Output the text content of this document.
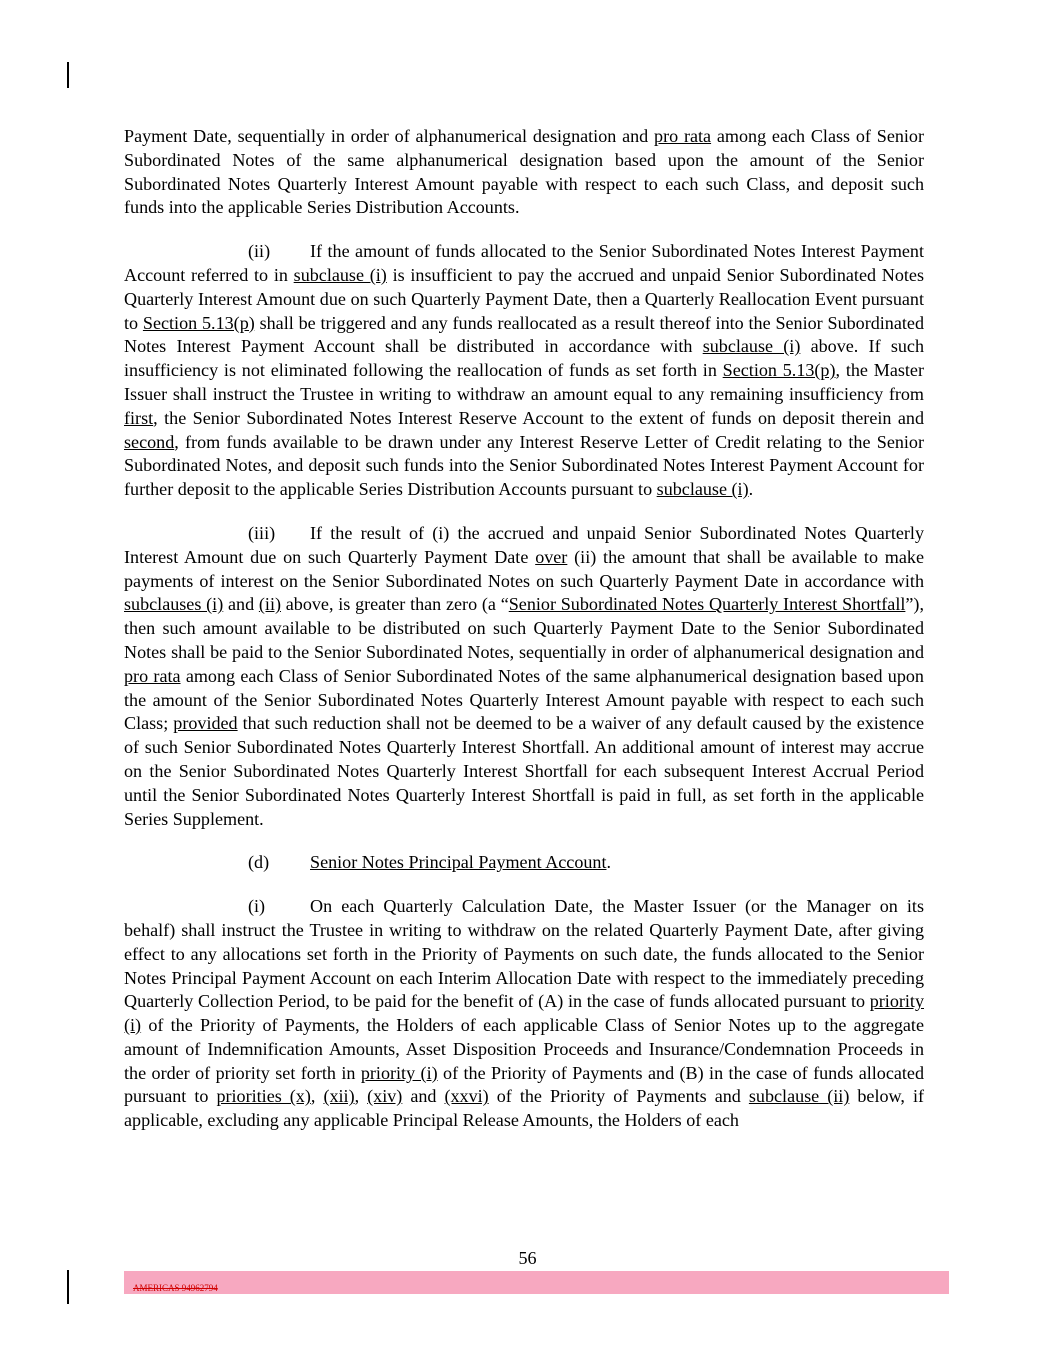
Payment Date, sequentially in order of alphanumerical designation and pro rata among each Class of Senior Subordinated Notes of the same alphanumerical designation based upon the amount of the Senior Subordinated Notes Quarterly Interest Amount payable with respect to each such Class, and deposit such funds into the applicable Series Distribution Accounts.

(ii) If the amount of funds allocated to the Senior Subordinated Notes Interest Payment Account referred to in subclause (i) is insufficient to pay the accrued and unpaid Senior Subordinated Notes Quarterly Interest Amount due on such Quarterly Payment Date, then a Quarterly Reallocation Event pursuant to Section 5.13(p) shall be triggered and any funds reallocated as a result thereof into the Senior Subordinated Notes Interest Payment Account shall be distributed in accordance with subclause (i) above. If such insufficiency is not eliminated following the reallocation of funds as set forth in Section 5.13(p), the Master Issuer shall instruct the Trustee in writing to withdraw an amount equal to any remaining insufficiency from first, the Senior Subordinated Notes Interest Reserve Account to the extent of funds on deposit therein and second, from funds available to be drawn under any Interest Reserve Letter of Credit relating to the Senior Subordinated Notes, and deposit such funds into the Senior Subordinated Notes Interest Payment Account for further deposit to the applicable Series Distribution Accounts pursuant to subclause (i).

(iii) If the result of (i) the accrued and unpaid Senior Subordinated Notes Quarterly Interest Amount due on such Quarterly Payment Date over (ii) the amount that shall be available to make payments of interest on the Senior Subordinated Notes on such Quarterly Payment Date in accordance with subclauses (i) and (ii) above, is greater than zero (a “Senior Subordinated Notes Quarterly Interest Shortfall”), then such amount available to be distributed on such Quarterly Payment Date to the Senior Subordinated Notes shall be paid to the Senior Subordinated Notes, sequentially in order of alphanumerical designation and pro rata among each Class of Senior Subordinated Notes of the same alphanumerical designation based upon the amount of the Senior Subordinated Notes Quarterly Interest Amount payable with respect to each such Class; provided that such reduction shall not be deemed to be a waiver of any default caused by the existence of such Senior Subordinated Notes Quarterly Interest Shortfall. An additional amount of interest may accrue on the Senior Subordinated Notes Quarterly Interest Shortfall for each subsequent Interest Accrual Period until the Senior Subordinated Notes Quarterly Interest Shortfall is paid in full, as set forth in the applicable Series Supplement.

(d) Senior Notes Principal Payment Account.

(i) On each Quarterly Calculation Date, the Master Issuer (or the Manager on its behalf) shall instruct the Trustee in writing to withdraw on the related Quarterly Payment Date, after giving effect to any allocations set forth in the Priority of Payments on such date, the funds allocated to the Senior Notes Principal Payment Account on each Interim Allocation Date with respect to the immediately preceding Quarterly Collection Period, to be paid for the benefit of (A) in the case of funds allocated pursuant to priority (i) of the Priority of Payments, the Holders of each applicable Class of Senior Notes up to the aggregate amount of Indemnification Amounts, Asset Disposition Proceeds and Insurance/Condemnation Proceeds in the order of priority set forth in priority (i) of the Priority of Payments and (B) in the case of funds allocated pursuant to priorities (x), (xii), (xiv) and (xxvi) of the Priority of Payments and subclause (ii) below, if applicable, excluding any applicable Principal Release Amounts, the Holders of each

56
AMERICAS 94962794
